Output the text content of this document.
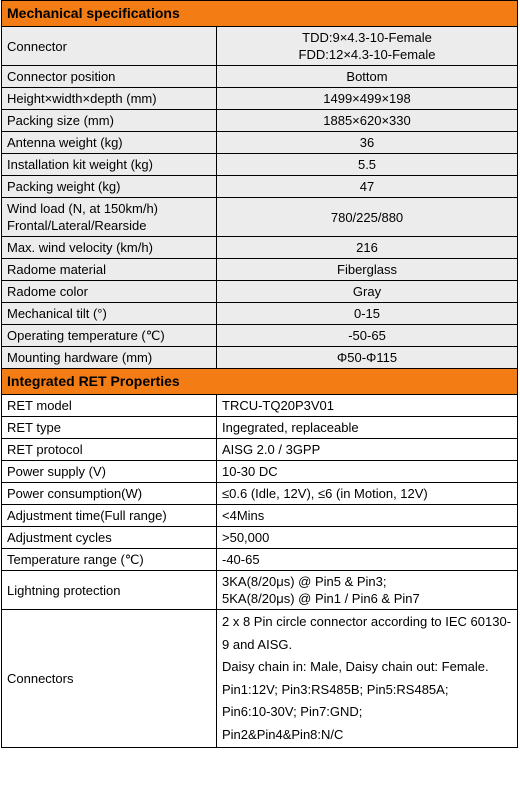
Mechanical specifications	
Connector	TDD:9×4.3-10-Female
FDD:12×4.3-10-Female
Connector position	Bottom
Height×width×depth (mm)	1499×499×198
Packing size (mm)	1885×620×330
Antenna weight (kg)	36
Installation kit weight (kg)	5.5
Packing weight (kg)	47
Wind load (N, at 150km/h)
Frontal/Lateral/Rearside	780/225/880
Max. wind velocity (km/h)	216
Radome material	Fiberglass
Radome color	Gray
Mechanical tilt (°)	0-15
Operating temperature (℃)	-50-65
Mounting hardware (mm)	Φ50-Φ115
Integrated RET Properties	
RET model	TRCU-TQ20P3V01
RET type	Ingegrated, replaceable
RET protocol	AISG 2.0 / 3GPP
Power supply (V)	10-30 DC
Power consumption(W)	≤0.6 (Idle, 12V), ≤6 (in Motion, 12V)
Adjustment time(Full range)	<4Mins
Adjustment cycles	>50,000
Temperature range (℃)	-40-65
Lightning protection	3KA(8/20μs) @ Pin5 & Pin3;
5KA(8/20μs) @ Pin1 / Pin6 & Pin7
Connectors	2 x 8 Pin circle connector according to IEC 60130-9 and AISG.
Daisy chain in: Male, Daisy chain out: Female.
Pin1:12V; Pin3:RS485B; Pin5:RS485A;
Pin6:10-30V; Pin7:GND;
Pin2&Pin4&Pin8:N/C
